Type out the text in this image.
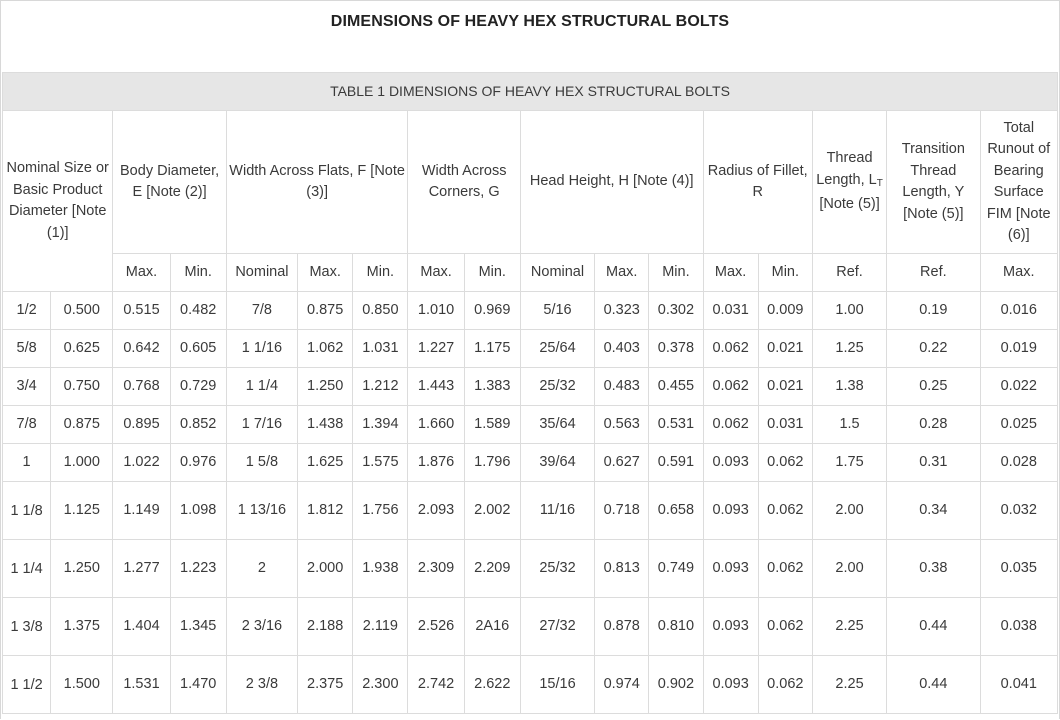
DIMENSIONS OF HEAVY HEX STRUCTURAL BOLTS
TABLE 1 DIMENSIONS OF HEAVY HEX STRUCTURAL BOLTS																
Nominal Size or Basic Product Diameter [Note (1)]		Body Diameter, E [Note (2)]		Width Across Flats, F [Note (3)]			Width Across Corners, G		Head Height, H [Note (4)]			Radius of Fillet, R		Thread Length, $L_T$ [Note (5)]	Transition Thread Length, Y [Note (5)]	Total Runout of Bearing Surface FIM [Note (6)]
		Max.	Min.	Nominal	Max.	Min.	Max.	Min.	Nominal	Max.	Min.	Max.	Min.	Ref.	Ref.	Max.
1/2	0.500	0.515	0.482	7/8	0.875	0.850	1.010	0.969	5/16	0.323	0.302	0.031	0.009	1.00	0.19	0.016
5/8	0.625	0.642	0.605	1 1/16	1.062	1.031	1.227	1.175	25/64	0.403	0.378	0.062	0.021	1.25	0.22	0.019
3/4	0.750	0.768	0.729	1 1/4	1.250	1.212	1.443	1.383	25/32	0.483	0.455	0.062	0.021	1.38	0.25	0.022
7/8	0.875	0.895	0.852	1 7/16	1.438	1.394	1.660	1.589	35/64	0.563	0.531	0.062	0.031	1.5	0.28	0.025
1	1.000	1.022	0.976	1 5/8	1.625	1.575	1.876	1.796	39/64	0.627	0.591	0.093	0.062	1.75	0.31	0.028
1 1/8	1.125	1.149	1.098	1 13/16	1.812	1.756	2.093	2.002	11/16	0.718	0.658	0.093	0.062	2.00	0.34	0.032
1 1/4	1.250	1.277	1.223	2	2.000	1.938	2.309	2.209	25/32	0.813	0.749	0.093	0.062	2.00	0.38	0.035
1 3/8	1.375	1.404	1.345	2 3/16	2.188	2.119	2.526	2A16	27/32	0.878	0.810	0.093	0.062	2.25	0.44	0.038
1 1/2	1.500	1.531	1.470	2 3/8	2.375	2.300	2.742	2.622	15/16	0.974	0.902	0.093	0.062	2.25	0.44	0.041
